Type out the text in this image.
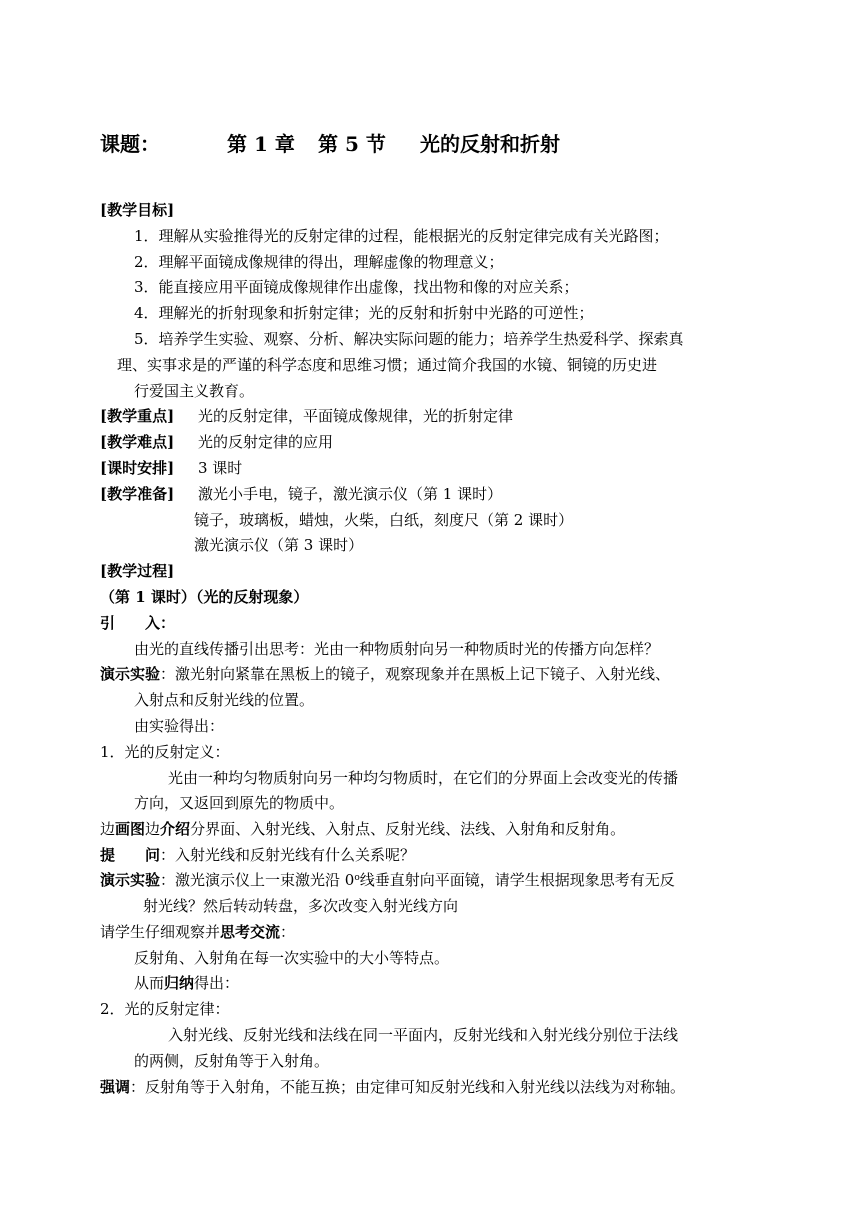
课题：	第 1 章 第 5 节 光的反射和折射
[教学目标]
1．理解从实验推得光的反射定律的过程，能根据光的反射定律完成有关光路图；
2．理解平面镜成像规律的得出，理解虚像的物理意义；
3．能直接应用平面镜成像规律作出虚像，找出物和像的对应关系；
4．理解光的折射现象和折射定律；光的反射和折射中光路的可逆性；
5．培养学生实验、观察、分析、解决实际问题的能力；培养学生热爱科学、探索真
理、实事求是的严谨的科学态度和思维习惯；通过简介我国的水镜、铜镜的历史进
行爱国主义教育。
[教学重点] 光的反射定律，平面镜成像规律，光的折射定律
[教学难点] 光的反射定律的应用
[课时安排] 3 课时
[教学准备] 激光小手电，镜子，激光演示仪（第 1 课时）
镜子，玻璃板，蜡烛，火柴，白纸，刻度尺（第 2 课时）
激光演示仪（第 3 课时）
[教学过程]
（第 1 课时）（光的反射现象）
引　　入：
由光的直线传播引出思考：光由一种物质射向另一种物质时光的传播方向怎样？
演示实验：激光射向紧靠在黑板上的镜子，观察现象并在黑板上记下镜子、入射光线、
入射点和反射光线的位置。
由实验得出：
1．光的反射定义：
光由一种均匀物质射向另一种均匀物质时，在它们的分界面上会改变光的传播
方向，又返回到原先的物质中。
边画图边介绍分界面、入射光线、入射点、反射光线、法线、入射角和反射角。
提　　问：入射光线和反射光线有什么关系呢？
演示实验：激光演示仪上一束激光沿 0$^o$线垂直射向平面镜，请学生根据现象思考有无反
射光线？然后转动转盘，多次改变入射光线方向
请学生仔细观察并思考交流：
反射角、入射角在每一次实验中的大小等特点。
从而归纳得出：
2．光的反射定律：
入射光线、反射光线和法线在同一平面内，反射光线和入射光线分别位于法线
的两侧，反射角等于入射角。
强调：反射角等于入射角，不能互换；由定律可知反射光线和入射光线以法线为对称轴。
